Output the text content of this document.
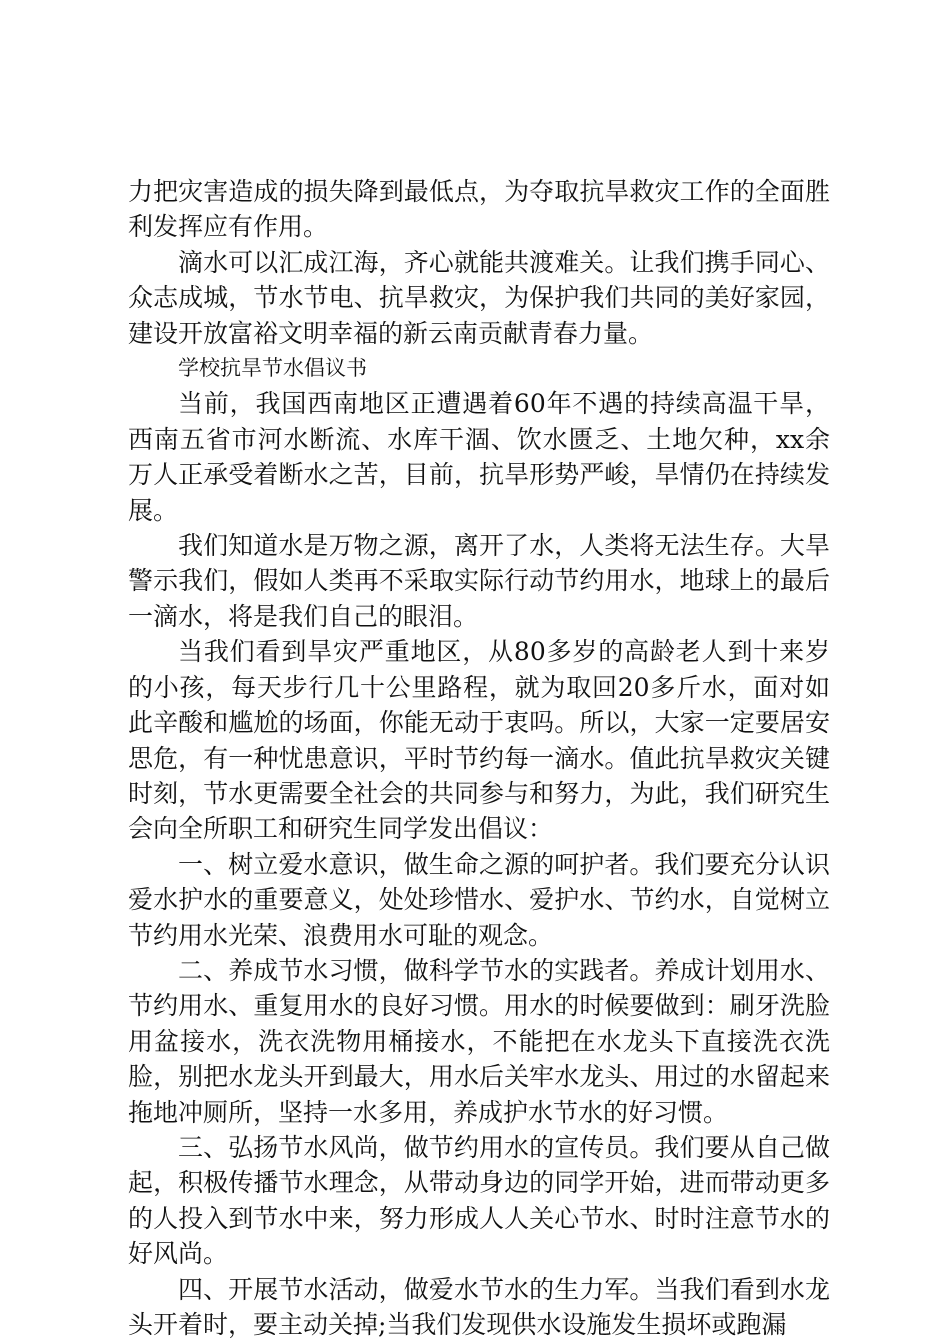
力把灾害造成的损失降到最低点，为夺取抗旱救灾工作的全面胜利发挥应有作用。

滴水可以汇成江海，齐心就能共渡难关。让我们携手同心、众志成城，节水节电、抗旱救灾，为保护我们共同的美好家园，建设开放富裕文明幸福的新云南贡献青春力量。

学校抗旱节水倡议书

当前，我国西南地区正遭遇着60年不遇的持续高温干旱，西南五省市河水断流、水库干涸、饮水匮乏、土地欠种，xx余万人正承受着断水之苦，目前，抗旱形势严峻，旱情仍在持续发展。

我们知道水是万物之源，离开了水，人类将无法生存。大旱警示我们，假如人类再不采取实际行动节约用水，地球上的最后一滴水，将是我们自己的眼泪。

当我们看到旱灾严重地区，从80多岁的高龄老人到十来岁的小孩，每天步行几十公里路程，就为取回20多斤水，面对如此辛酸和尴尬的场面，你能无动于衷吗。所以，大家一定要居安思危，有一种忧患意识，平时节约每一滴水。值此抗旱救灾关键时刻，节水更需要全社会的共同参与和努力，为此，我们研究生会向全所职工和研究生同学发出倡议：

一、树立爱水意识，做生命之源的呵护者。我们要充分认识爱水护水的重要意义，处处珍惜水、爱护水、节约水，自觉树立节约用水光荣、浪费用水可耻的观念。

二、养成节水习惯，做科学节水的实践者。养成计划用水、节约用水、重复用水的良好习惯。用水的时候要做到：刷牙洗脸用盆接水，洗衣洗物用桶接水，不能把在水龙头下直接洗衣洗脸，别把水龙头开到最大，用水后关牢水龙头、用过的水留起来拖地冲厕所，坚持一水多用，养成护水节水的好习惯。

三、弘扬节水风尚，做节约用水的宣传员。我们要从自己做起，积极传播节水理念，从带动身边的同学开始，进而带动更多的人投入到节水中来，努力形成人人关心节水、时时注意节水的好风尚。

四、开展节水活动，做爱水节水的生力军。当我们看到水龙头开着时，要主动关掉;当我们发现供水设施发生损坏或跑漏
